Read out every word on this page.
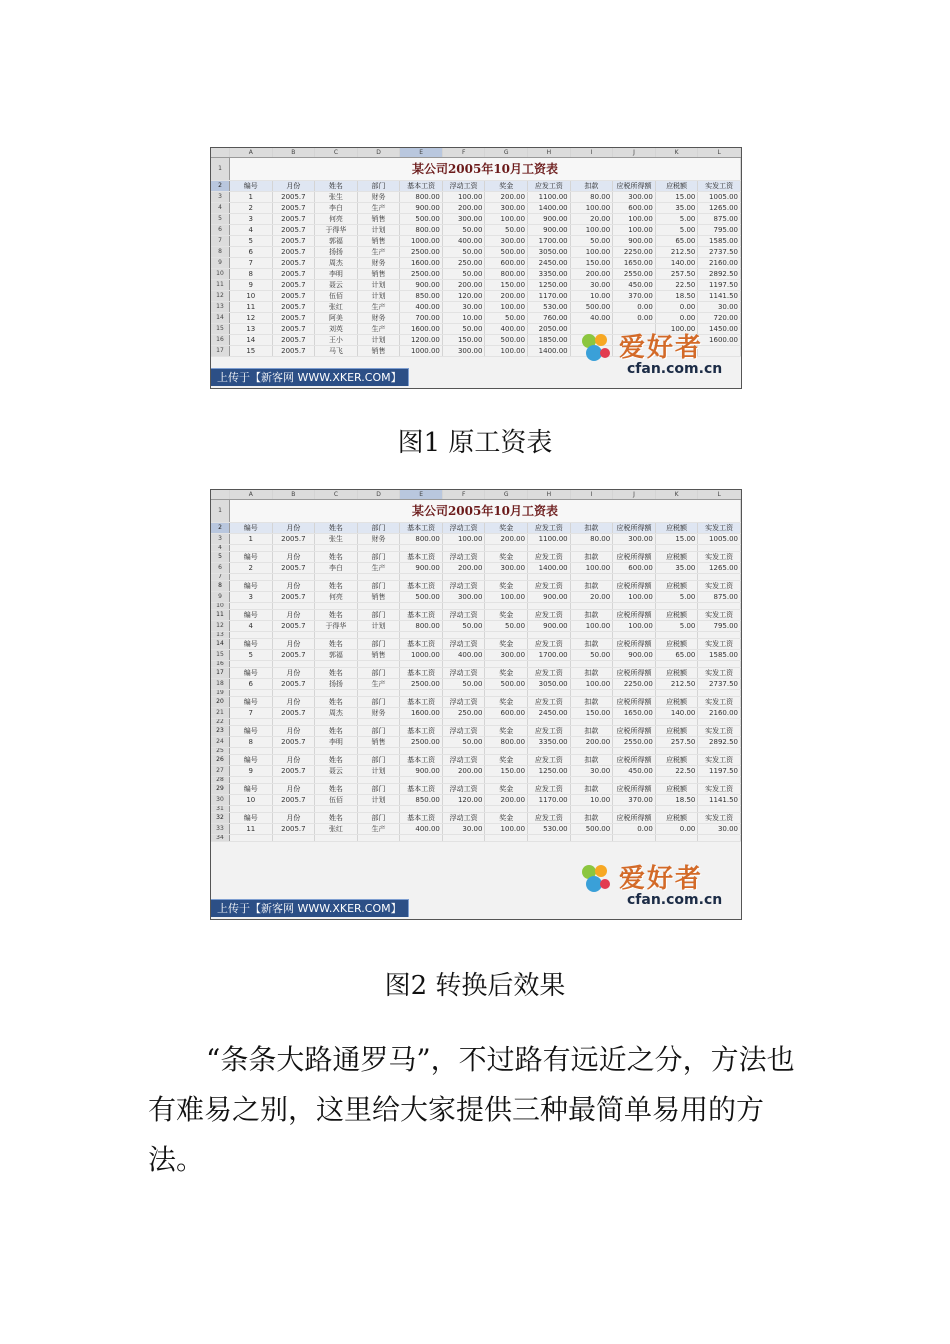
	A	B	C	D	E	F	G	H	I	J	K	L
1	某公司2005年10月工资表											
2	编号	月份	姓名	部门	基本工资	浮动工资	奖金	应发工资	扣款	应税所得额	应税额	实发工资
3	1	2005.7	张生	财务	800.00	100.00	200.00	1100.00	80.00	300.00	15.00	1005.00
4	2	2005.7	李白	生产	900.00	200.00	300.00	1400.00	100.00	600.00	35.00	1265.00
5	3	2005.7	何亮	销售	500.00	300.00	100.00	900.00	20.00	100.00	5.00	875.00
6	4	2005.7	于得华	计划	800.00	50.00	50.00	900.00	100.00	100.00	5.00	795.00
7	5	2005.7	郭福	销售	1000.00	400.00	300.00	1700.00	50.00	900.00	65.00	1585.00
8	6	2005.7	扬扬	生产	2500.00	50.00	500.00	3050.00	100.00	2250.00	212.50	2737.50
9	7	2005.7	周杰	财务	1600.00	250.00	600.00	2450.00	150.00	1650.00	140.00	2160.00
10	8	2005.7	李明	销售	2500.00	50.00	800.00	3350.00	200.00	2550.00	257.50	2892.50
11	9	2005.7	聂云	计划	900.00	200.00	150.00	1250.00	30.00	450.00	22.50	1197.50
12	10	2005.7	伍佰	计划	850.00	120.00	200.00	1170.00	10.00	370.00	18.50	1141.50
13	11	2005.7	张红	生产	400.00	30.00	100.00	530.00	500.00	0.00	0.00	30.00
14	12	2005.7	阿美	财务	700.00	10.00	50.00	760.00	40.00	0.00	0.00	720.00
15	13	2005.7	刘英	生产	1600.00	50.00	400.00	2050.00			100.00	1450.00
16	14	2005.7	王小	计划	1200.00	150.00	500.00	1850.00				1600.00
17	15	2005.7	马飞	销售	1000.00	300.00	100.00	1400.00				
上传于【新客网 WWW.XKER.COM】
爱好者
cfan.com.cn
图1 原工资表
	A	B	C	D	E	F	G	H	I	J	K	L
1	某公司2005年10月工资表											
2	编号	月份	姓名	部门	基本工资	浮动工资	奖金	应发工资	扣款	应税所得额	应税额	实发工资
3	1	2005.7	张生	财务	800.00	100.00	200.00	1100.00	80.00	300.00	15.00	1005.00
4												
5	编号	月份	姓名	部门	基本工资	浮动工资	奖金	应发工资	扣款	应税所得额	应税额	实发工资
6	2	2005.7	李白	生产	900.00	200.00	300.00	1400.00	100.00	600.00	35.00	1265.00
7												
8	编号	月份	姓名	部门	基本工资	浮动工资	奖金	应发工资	扣款	应税所得额	应税额	实发工资
9	3	2005.7	何亮	销售	500.00	300.00	100.00	900.00	20.00	100.00	5.00	875.00
10												
11	编号	月份	姓名	部门	基本工资	浮动工资	奖金	应发工资	扣款	应税所得额	应税额	实发工资
12	4	2005.7	于得华	计划	800.00	50.00	50.00	900.00	100.00	100.00	5.00	795.00
13												
14	编号	月份	姓名	部门	基本工资	浮动工资	奖金	应发工资	扣款	应税所得额	应税额	实发工资
15	5	2005.7	郭福	销售	1000.00	400.00	300.00	1700.00	50.00	900.00	65.00	1585.00
16												
17	编号	月份	姓名	部门	基本工资	浮动工资	奖金	应发工资	扣款	应税所得额	应税额	实发工资
18	6	2005.7	扬扬	生产	2500.00	50.00	500.00	3050.00	100.00	2250.00	212.50	2737.50
19												
20	编号	月份	姓名	部门	基本工资	浮动工资	奖金	应发工资	扣款	应税所得额	应税额	实发工资
21	7	2005.7	周杰	财务	1600.00	250.00	600.00	2450.00	150.00	1650.00	140.00	2160.00
22												
23	编号	月份	姓名	部门	基本工资	浮动工资	奖金	应发工资	扣款	应税所得额	应税额	实发工资
24	8	2005.7	李明	销售	2500.00	50.00	800.00	3350.00	200.00	2550.00	257.50	2892.50
25												
26	编号	月份	姓名	部门	基本工资	浮动工资	奖金	应发工资	扣款	应税所得额	应税额	实发工资
27	9	2005.7	聂云	计划	900.00	200.00	150.00	1250.00	30.00	450.00	22.50	1197.50
28												
29	编号	月份	姓名	部门	基本工资	浮动工资	奖金	应发工资	扣款	应税所得额	应税额	实发工资
30	10	2005.7	伍佰	计划	850.00	120.00	200.00	1170.00	10.00	370.00	18.50	1141.50
31												
32	编号	月份	姓名	部门	基本工资	浮动工资	奖金	应发工资	扣款	应税所得额	应税额	实发工资
33	11	2005.7	张红	生产	400.00	30.00	100.00	530.00	500.00	0.00	0.00	30.00
34												
上传于【新客网 WWW.XKER.COM】
爱好者
cfan.com.cn
图2 转换后效果

“条条大路通罗马”，不过路有远近之分，方法也有难易之别，这里给大家提供三种最简单易用的方法。
